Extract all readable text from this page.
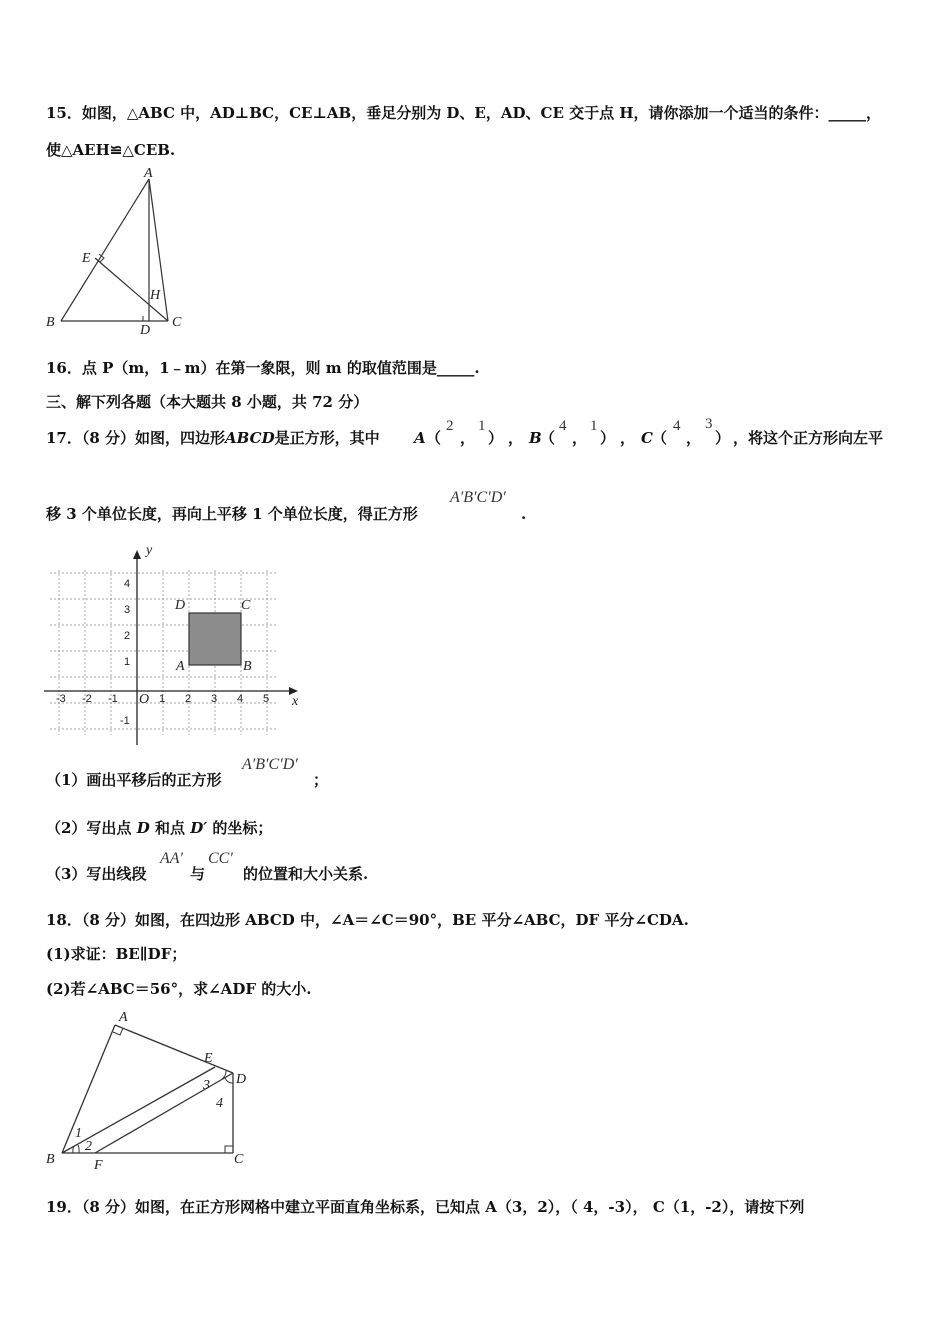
15．如图，△ABC 中，AD⊥BC，CE⊥AB，垂足分别为 D、E，AD、CE 交于点 H，请你添加一个适当的条件：_____，
使△AEH≌△CEB.
A
B	C
D
E
H
16．点 P（m，1﹣m）在第一象限，则 m 的取值范围是_____.
三、解下列各题（本大题共 8 小题，共 72 分）
17．（8 分）如图，四边形ABCD是正方形，其中 A （
2
，
1
） ， B
（
4
，
1
） ， C （
4
，
3
） ，将这个正方形向左平
移 3 个单位长度，再向上平移 1 个单位长度，得正方形
A′B′C′D′
.
x
y
O
-3 -2 -1	1 2 3 4 5
4
3
2
1
-1
A	B
C
D
（1）画出平移后的正方形
A′B′C′D′
；
（2）写出点 D 和点 D′ 的坐标；
（3）写出线段
AA′
与
CC′
的位置和大小关系.
18．（8 分）如图，在四边形 ABCD 中，∠A＝∠C＝90°，BE 平分∠ABC，DF 平分∠CDA.
(1)求证：BE∥DF；
(2)若∠ABC＝56°，求∠ADF 的大小.
A
B	C
D
E
F
1
2
3
4
19．（8 分）如图，在正方形网格中建立平面直角坐标系，已知点 A（3，2），（ 4，-3）， C（1，-2），请按下列
